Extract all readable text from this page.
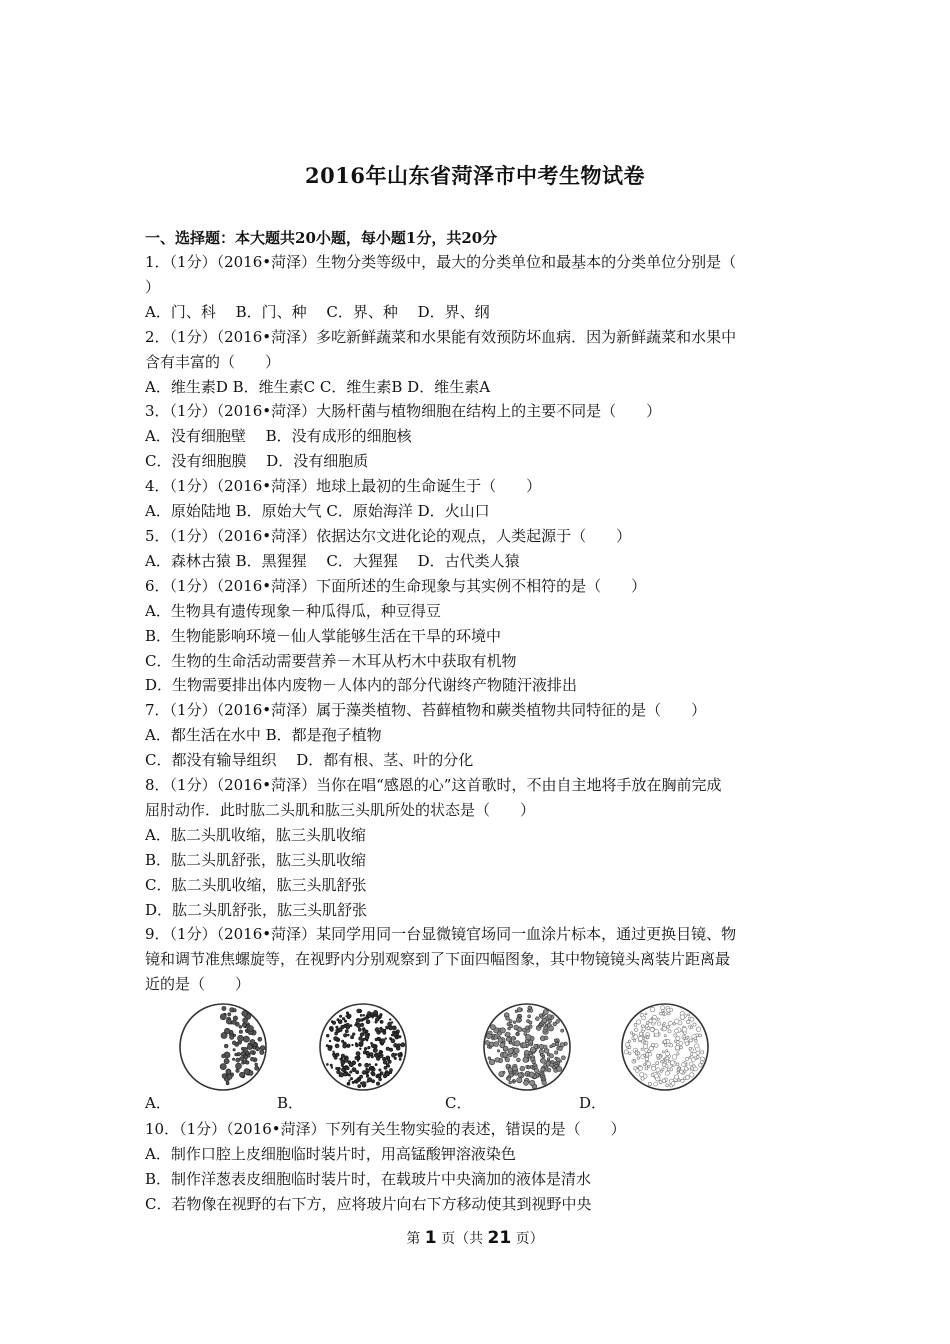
2016年山东省菏泽市中考生物试卷
一、选择题：本大题共20小题，每小题1分，共20分
1．（1分）（2016•菏泽）生物分类等级中，最大的分类单位和最基本的分类单位分别是（
）
A．门、科　 B．门、种　 C．界、种　 D．界、纲
2．（1分）（2016•菏泽）多吃新鲜蔬菜和水果能有效预防坏血病．因为新鲜蔬菜和水果中
含有丰富的（　　）
A．维生素D B．维生素C C．维生素B D．维生素A
3．（1分）（2016•菏泽）大肠杆菌与植物细胞在结构上的主要不同是（　　）
A．没有细胞壁　 B．没有成形的细胞核
C．没有细胞膜　 D．没有细胞质
4．（1分）（2016•菏泽）地球上最初的生命诞生于（　　）
A．原始陆地 B．原始大气 C．原始海洋 D．火山口
5．（1分）（2016•菏泽）依据达尔文进化论的观点，人类起源于（　　）
A．森林古猿 B．黑猩猩　 C．大猩猩　 D．古代类人猿
6．（1分）（2016•菏泽）下面所述的生命现象与其实例不相符的是（　　）
A．生物具有遗传现象－种瓜得瓜，种豆得豆
B．生物能影响环境－仙人掌能够生活在干旱的环境中
C．生物的生命活动需要营养－木耳从朽木中获取有机物
D．生物需要排出体内废物－人体内的部分代谢终产物随汗液排出
7．（1分）（2016•菏泽）属于藻类植物、苔藓植物和蕨类植物共同特征的是（　　）
A．都生活在水中 B．都是孢子植物
C．都没有输导组织　 D．都有根、茎、叶的分化
8．（1分）（2016•菏泽）当你在唱“感恩的心”这首歌时，不由自主地将手放在胸前完成
屈肘动作．此时肱二头肌和肱三头肌所处的状态是（　　）
A．肱二头肌收缩，肱三头肌收缩
B．肱二头肌舒张，肱三头肌收缩
C．肱二头肌收缩，肱三头肌舒张
D．肱二头肌舒张，肱三头肌舒张
9．（1分）（2016•菏泽）某同学用同一台显微镜官场同一血涂片标本，通过更换目镜、物
镜和调节准焦螺旋等，在视野内分别观察到了下面四幅图象，其中物镜镜头离装片距离最
近的是（　　）
A．	B．	C．	D．
10．（1分）（2016•菏泽）下列有关生物实验的表述，错误的是（　　）
A．制作口腔上皮细胞临时装片时，用高锰酸钾溶液染色
B．制作洋葱表皮细胞临时装片时，在载玻片中央滴加的液体是清水
C．若物像在视野的右下方，应将玻片向右下方移动使其到视野中央
第 1 页（共 21 页）
